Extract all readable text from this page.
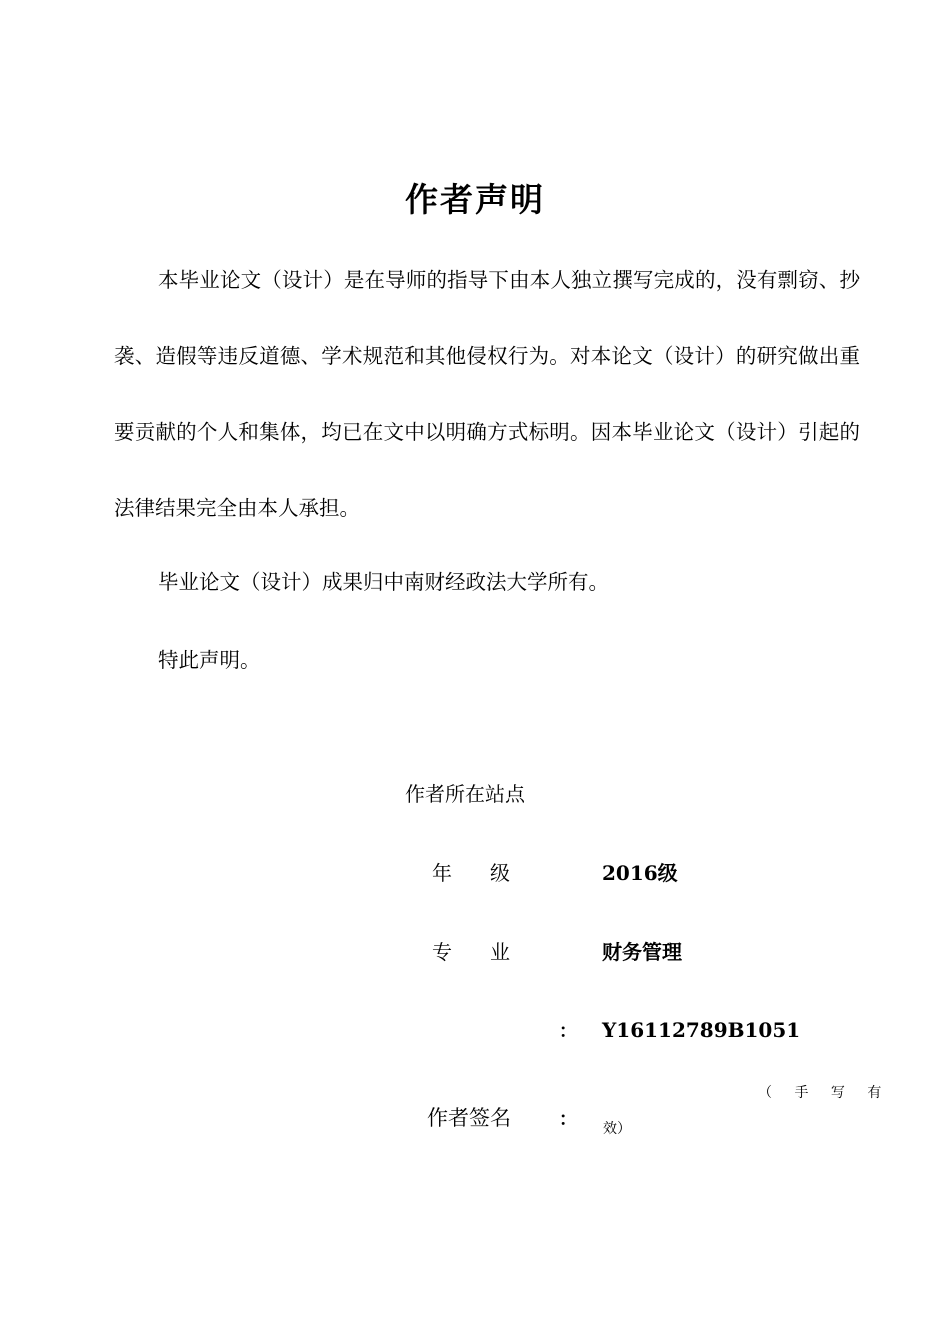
作者声明

本毕业论文（设计）是在导师的指导下由本人独立撰写完成的，没有剽窃、抄袭、造假等违反道德、学术规范和其他侵权行为。对本论文（设计）的研究做出重要贡献的个人和集体，均已在文中以明确方式标明。因本毕业论文（设计）引起的法律结果完全由本人承担。

毕业论文（设计）成果归中南财经政法大学所有。

特此声明。

作者所在站点
年 级	2016级
专 业	财务管理
： Y16112789B1051
作者签名	：
（ 手 写 有
效）
